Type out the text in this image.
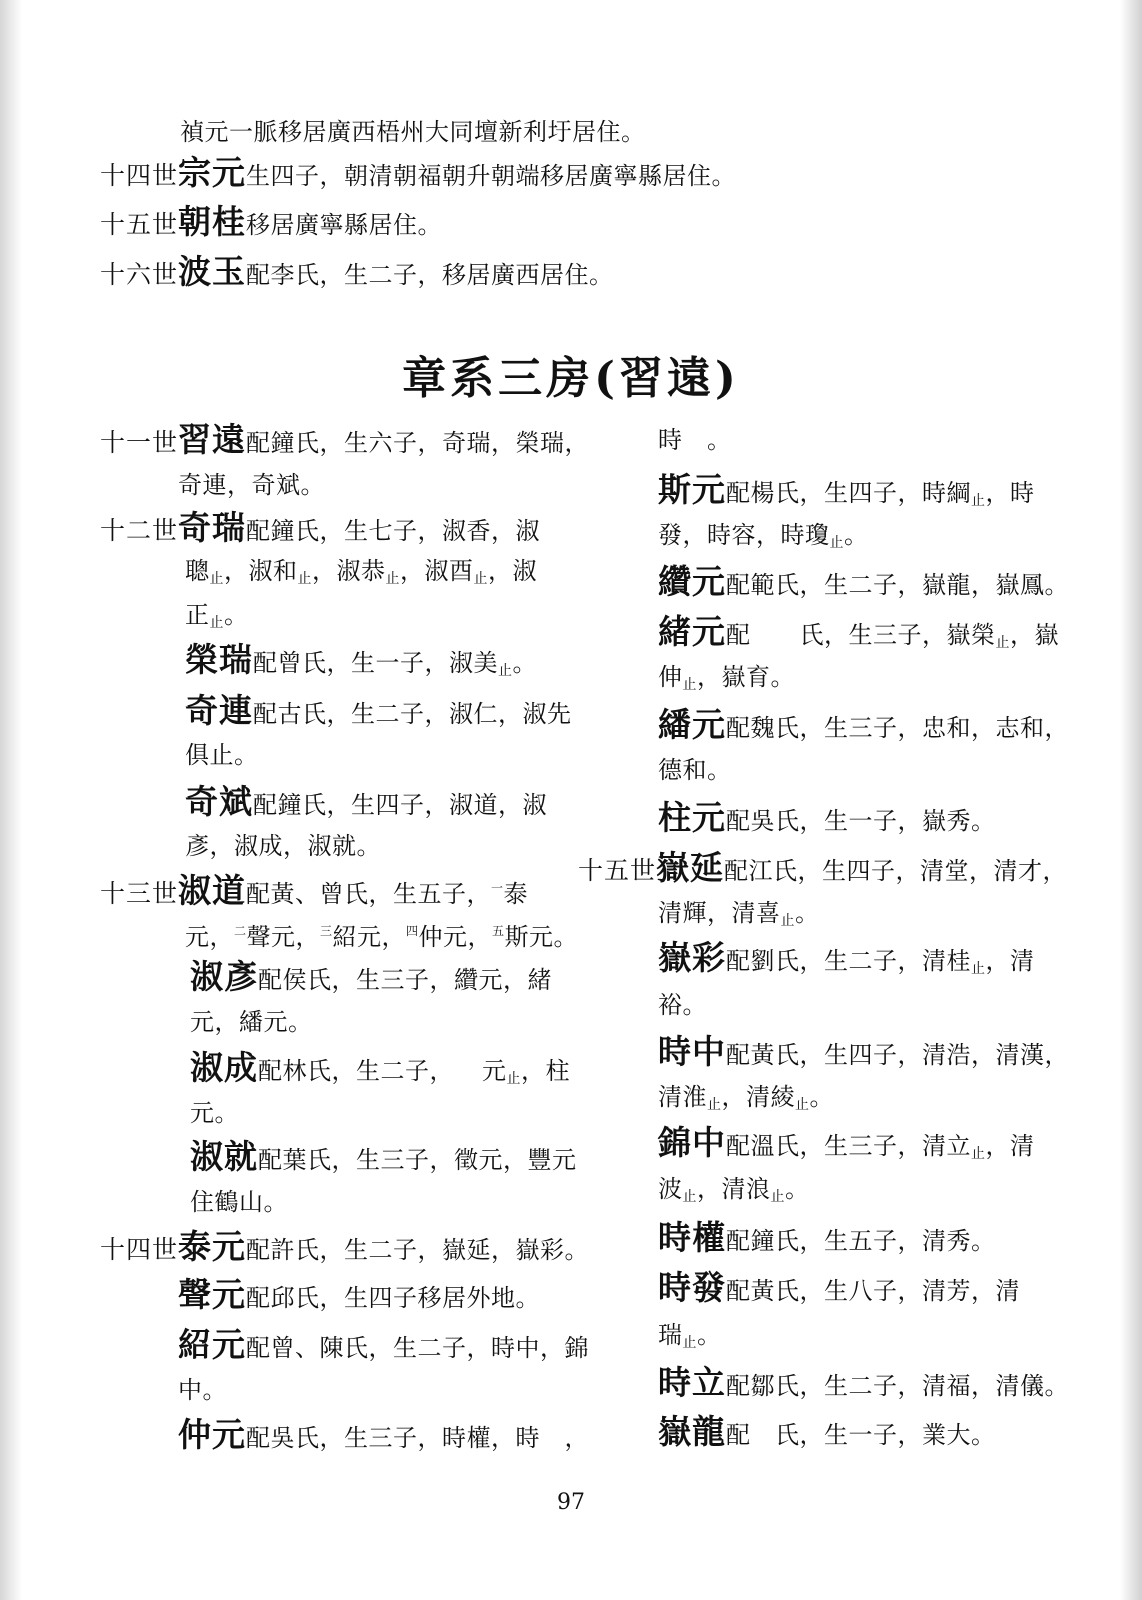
禎元一脈移居廣西梧州大同壇新利圩居住。
十四世宗元生四子，朝清朝福朝升朝端移居廣寧縣居住。
十五世朝桂移居廣寧縣居住。
十六世波玉配李氏，生二子，移居廣西居住。
章系三房(習遠)
十一世習遠配鐘氏，生六子，奇瑞，榮瑞，
奇連，奇斌。
十二世奇瑞配鐘氏，生七子，淑香，淑
聰$_止$，淑和$_止$，淑恭$_止$，淑酉$_止$，淑
正$_止$。
榮瑞配曾氏，生一子，淑美$_止$。
奇連配古氏，生二子，淑仁，淑先
俱止。
奇斌配鐘氏，生四子，淑道，淑
彥，淑成，淑就。
十三世淑道配黃、曾氏，生五子，$^一$泰
元，$^二$聲元，$^三$紹元，$^四$仲元，$^五$斯元。
淑彥配侯氏，生三子，纘元，緒
元，繙元。
淑成配林氏，生二子， 元$_止$，柱
元。
淑就配葉氏，生三子，徵元，豐元
住鶴山。
十四世泰元配許氏，生二子，嶽延，嶽彩。
聲元配邱氏，生四子移居外地。
紹元配曾、陳氏，生二子，時中，錦
中。
仲元配吳氏，生三子，時權，時　，
時　。
斯元配楊氏，生四子，時綱$_止$，時
發，時容，時瓊$_止$。
纘元配範氏，生二子，嶽龍，嶽鳳。
緒元配　　氏，生三子，嶽榮$_止$，嶽
伸$_止$，嶽育。
繙元配魏氏，生三子，忠和，志和，
德和。
柱元配吳氏，生一子，嶽秀。
十五世嶽延配江氏，生四子，清堂，清才，
清輝，清喜$_止$。
嶽彩配劉氏，生二子，清桂$_止$，清
裕。
時中配黃氏，生四子，清浩，清漢，
清淮$_止$，清綾$_止$。
錦中配溫氏，生三子，清立$_止$，清
波$_止$，清浪$_止$。
時權配鐘氏，生五子，清秀。
時發配黃氏，生八子，清芳，清
瑞$_止$。
時立配鄒氏，生二子，清福，清儀。
嶽龍配　氏，生一子，業大。
97
